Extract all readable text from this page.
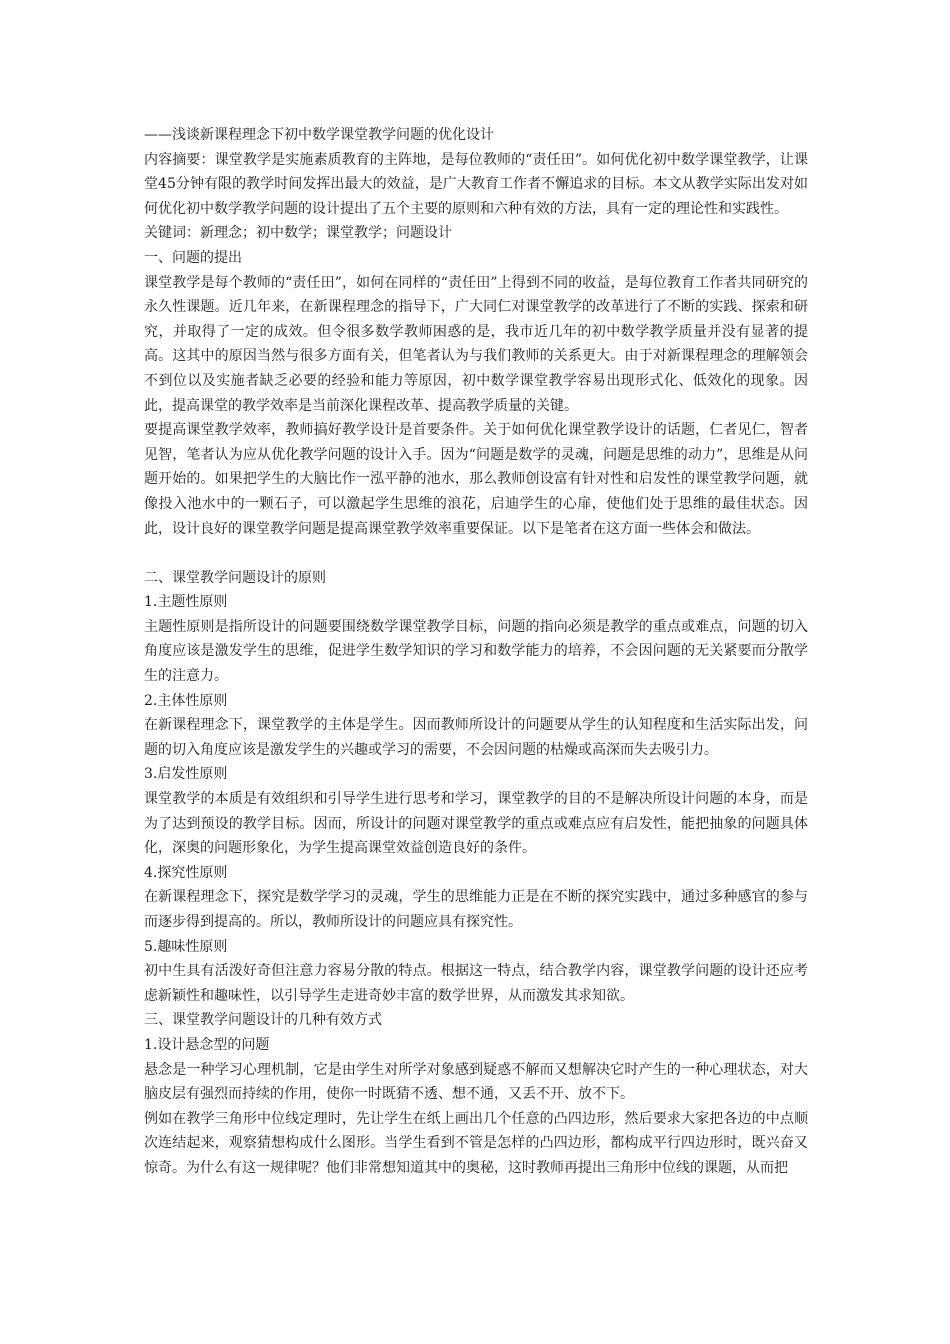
——浅谈新课程理念下初中数学课堂教学问题的优化设计

内容摘要：课堂教学是实施素质教育的主阵地，是每位教师的“责任田”。如何优化初中数学课堂教学，让课堂45分钟有限的教学时间发挥出最大的效益，是广大教育工作者不懈追求的目标。本文从教学实际出发对如何优化初中数学教学问题的设计提出了五个主要的原则和六种有效的方法，具有一定的理论性和实践性。

关键词：新理念；初中数学；课堂教学；问题设计

一、问题的提出

课堂教学是每个教师的“责任田”，如何在同样的“责任田”上得到不同的收益，是每位教育工作者共同研究的永久性课题。近几年来，在新课程理念的指导下，广大同仁对课堂教学的改革进行了不断的实践、探索和研究，并取得了一定的成效。但令很多数学教师困惑的是，我市近几年的初中数学教学质量并没有显著的提高。这其中的原因当然与很多方面有关，但笔者认为与我们教师的关系更大。由于对新课程理念的理解领会不到位以及实施者缺乏必要的经验和能力等原因，初中数学课堂教学容易出现形式化、低效化的现象。因此，提高课堂的教学效率是当前深化课程改革、提高教学质量的关键。

要提高课堂教学效率，教师搞好教学设计是首要条件。关于如何优化课堂教学设计的话题，仁者见仁，智者见智，笔者认为应从优化教学问题的设计入手。因为“问题是数学的灵魂，问题是思维的动力”，思维是从问题开始的。如果把学生的大脑比作一泓平静的池水，那么教师创设富有针对性和启发性的课堂教学问题，就像投入池水中的一颗石子，可以激起学生思维的浪花，启迪学生的心扉，使他们处于思维的最佳状态。因此，设计良好的课堂教学问题是提高课堂教学效率重要保证。以下是笔者在这方面一些体会和做法。

二、课堂教学问题设计的原则

1.主题性原则

主题性原则是指所设计的问题要围绕数学课堂教学目标，问题的指向必须是教学的重点或难点，问题的切入角度应该是激发学生的思维，促进学生数学知识的学习和数学能力的培养，不会因问题的无关紧要而分散学生的注意力。

2.主体性原则

在新课程理念下，课堂教学的主体是学生。因而教师所设计的问题要从学生的认知程度和生活实际出发，问题的切入角度应该是激发学生的兴趣或学习的需要，不会因问题的枯燥或高深而失去吸引力。

3.启发性原则

课堂教学的本质是有效组织和引导学生进行思考和学习，课堂教学的目的不是解决所设计问题的本身，而是为了达到预设的教学目标。因而，所设计的问题对课堂教学的重点或难点应有启发性，能把抽象的问题具体化，深奥的问题形象化，为学生提高课堂效益创造良好的条件。

4.探究性原则

在新课程理念下，探究是数学学习的灵魂，学生的思维能力正是在不断的探究实践中，通过多种感官的参与而逐步得到提高的。所以，教师所设计的问题应具有探究性。

5.趣味性原则

初中生具有活泼好奇但注意力容易分散的特点。根据这一特点，结合教学内容，课堂教学问题的设计还应考虑新颖性和趣味性，以引导学生走进奇妙丰富的数学世界，从而激发其求知欲。

三、课堂教学问题设计的几种有效方式

1.设计悬念型的问题

悬念是一种学习心理机制，它是由学生对所学对象感到疑惑不解而又想解决它时产生的一种心理状态，对大脑皮层有强烈而持续的作用，使你一时既猜不透、想不通，又丢不开、放不下。

例如在教学三角形中位线定理时，先让学生在纸上画出几个任意的凸四边形，然后要求大家把各边的中点顺次连结起来，观察猜想构成什么图形。当学生看到不管是怎样的凸四边形，都构成平行四边形时，既兴奋又惊奇。为什么有这一规律呢？他们非常想知道其中的奥秘，这时教师再提出三角形中位线的课题，从而把
